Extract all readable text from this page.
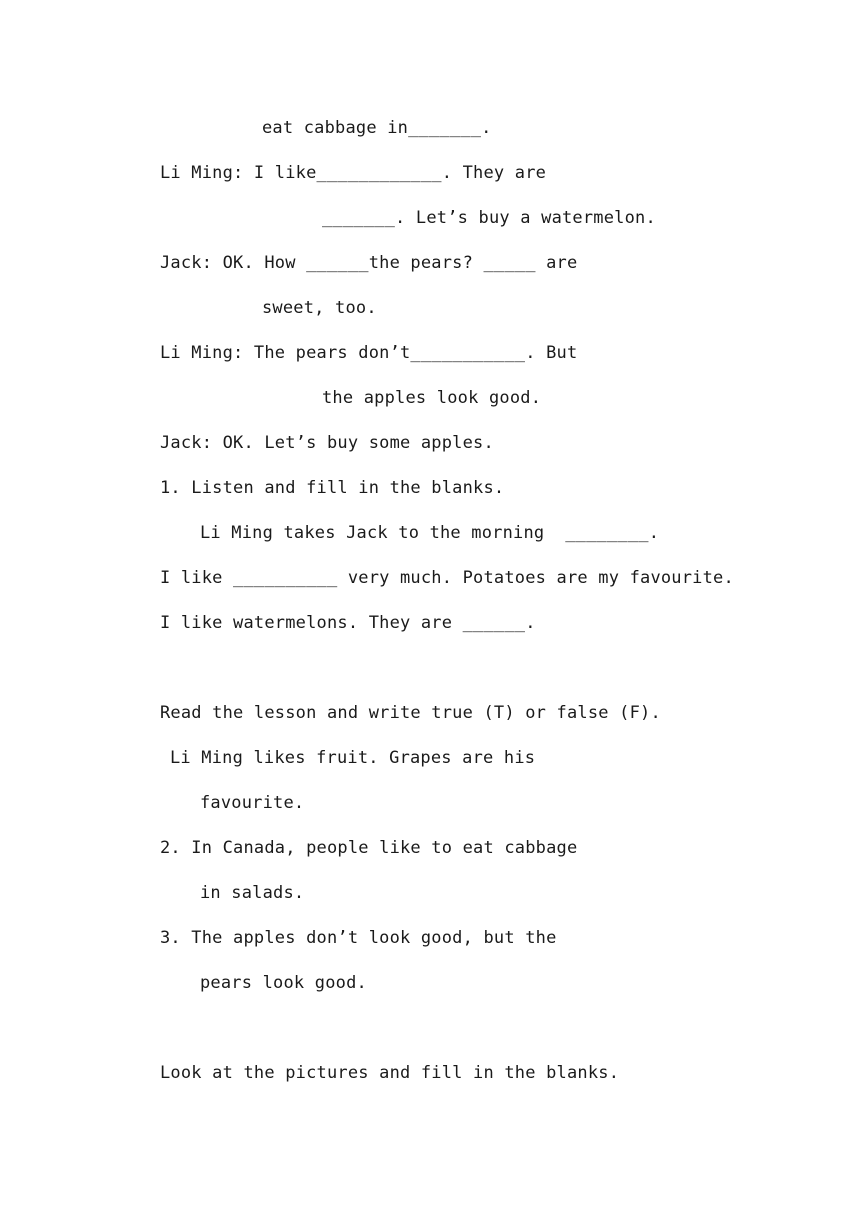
eat cabbage in_______.
Li Ming: I like____________. They are
_______. Let’s buy a watermelon.
Jack: OK. How ______the pears? _____ are
sweet, too.
Li Ming: The pears don’t___________. But
the apples look good.
Jack: OK. Let’s buy some apples.
1. Listen and fill in the blanks.
Li Ming takes Jack to the morning  ________.
I like __________ very much. Potatoes are my favourite.
I like watermelons. They are ______.
Read the lesson and write true (T) or false (F).
Li Ming likes fruit. Grapes are his
favourite.
2. In Canada, people like to eat cabbage
in salads.
3. The apples don’t look good, but the
pears look good.
Look at the pictures and fill in the blanks.
